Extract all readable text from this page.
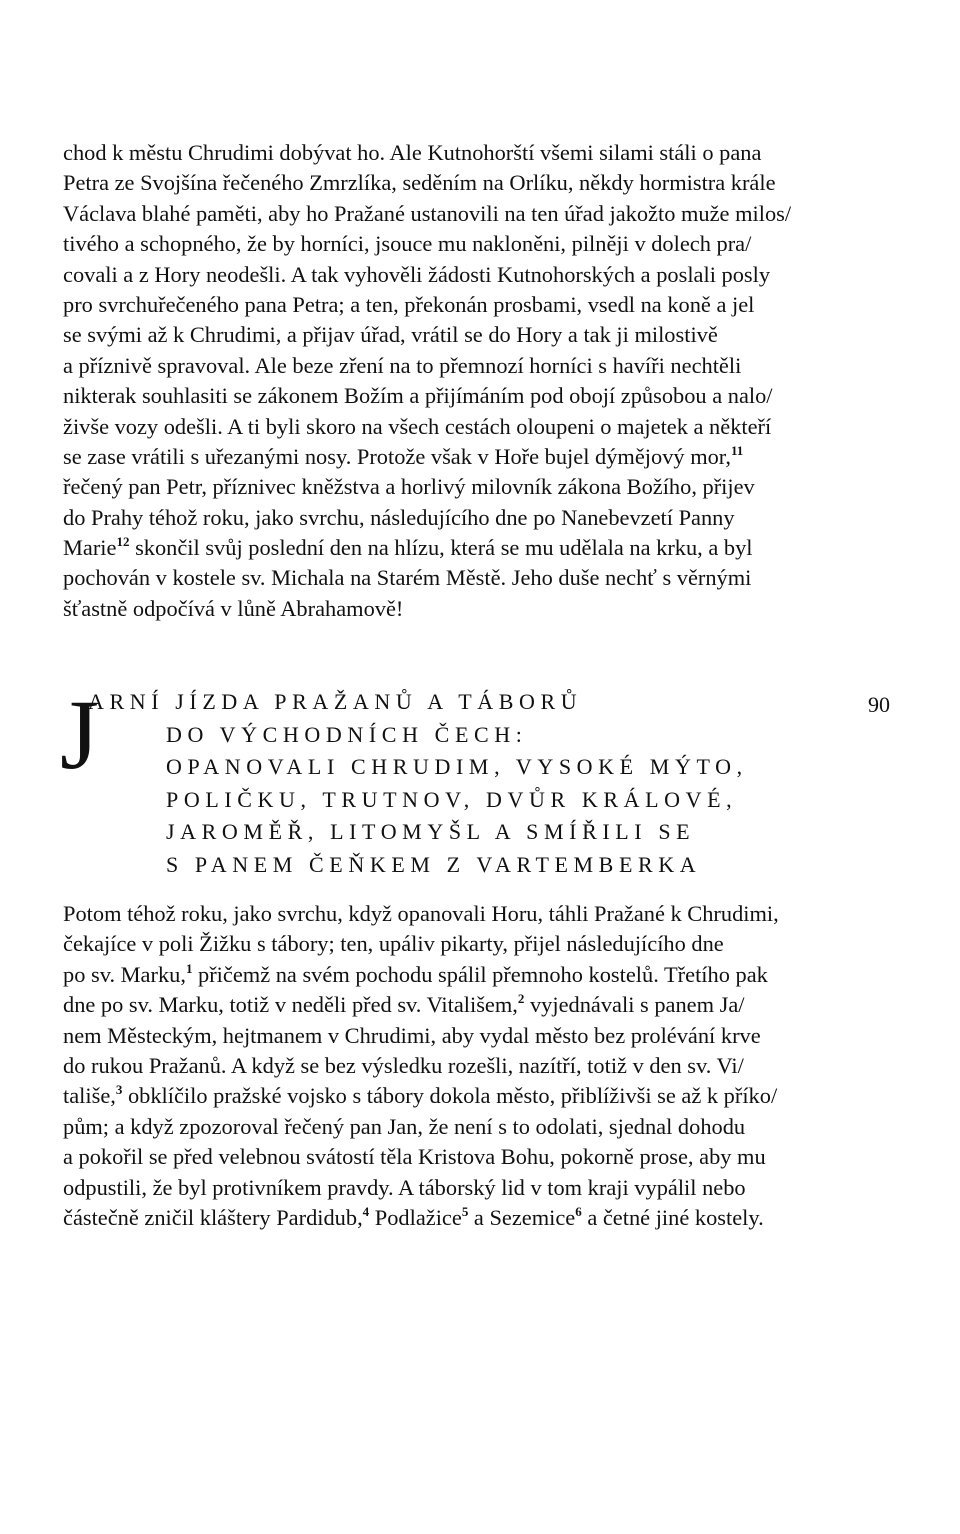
chod k městu Chrudimi dobývat ho. Ale Kutnohorští všemi silami stáli o pana
Petra ze Svojšína řečeného Zmrzlíka, seděním na Orlíku, někdy hormistra krále
Václava blahé paměti, aby ho Pražané ustanovili na ten úřad jakožto muže milos/
tivého a schopného, že by horníci, jsouce mu nakloněni, pilněji v dolech pra/
covali a z Hory neodešli. A tak vyhověli žádosti Kutnohorských a poslali posly
pro svrchuřečeného pana Petra; a ten, překonán prosbami, vsedl na koně a jel
se svými až k Chrudimi, a přijav úřad, vrátil se do Hory a tak ji milostivě
a příznivě spravoval. Ale beze zření na to přemnozí horníci s havíři nechtěli
nikterak souhlasiti se zákonem Božím a přijímáním pod obojí způsobou a nalo/
živše vozy odešli. A ti byli skoro na všech cestách oloupeni o majetek a někteří
se zase vrátili s uřezanými nosy. Protože však v Hoře bujel dýmějový mor,$^{11}$
řečený pan Petr, příznivec kněžstva a horlivý milovník zákona Božího, přijev
do Prahy téhož roku, jako svrchu, následujícího dne po Nanebevzetí Panny
Marie$^{12}$ skončil svůj poslední den na hlízu, která se mu udělala na krku, a byl
pochován v kostele sv. Michala na Starém Městě. Jeho duše nechť s věrnými
šťastně odpočívá v lůně Abrahamově!
J
ARNÍ JÍZDA PRAŽANŮ A TÁBORŮ
DO VÝCHODNÍCH ČECH:
OPANOVALI CHRUDIM, VYSOKÉ MÝTO,
POLIČKU, TRUTNOV, DVŮR KRÁLOVÉ,
JAROMĚŘ, LITOMYŠL A SMÍŘILI SE
S PANEM ČEŇKEM Z VARTEMBERKA
90
Potom téhož roku, jako svrchu, když opanovali Horu, táhli Pražané k Chrudimi,
čekajíce v poli Žižku s tábory; ten, upáliv pikarty, přijel následujícího dne
po sv. Marku,$^1$ přičemž na svém pochodu spálil přemnoho kostelů. Třetího pak
dne po sv. Marku, totiž v neděli před sv. Vitališem,$^2$ vyjednávali s panem Ja/
nem Městeckým, hejtmanem v Chrudimi, aby vydal město bez prolévání krve
do rukou Pražanů. A když se bez výsledku rozešli, nazítří, totiž v den sv. Vi/
tališe,$^3$ obklíčilo pražské vojsko s tábory dokola město, přiblíživši se až k příko/
pům; a když zpozoroval řečený pan Jan, že není s to odolati, sjednal dohodu
a pokořil se před velebnou svátostí těla Kristova Bohu, pokorně prose, aby mu
odpustili, že byl protivníkem pravdy. A táborský lid v tom kraji vypálil nebo
částečně zničil kláštery Pardidub,$^4$ Podlažice$^5$ a Sezemice$^6$ a četné jiné kostely.
